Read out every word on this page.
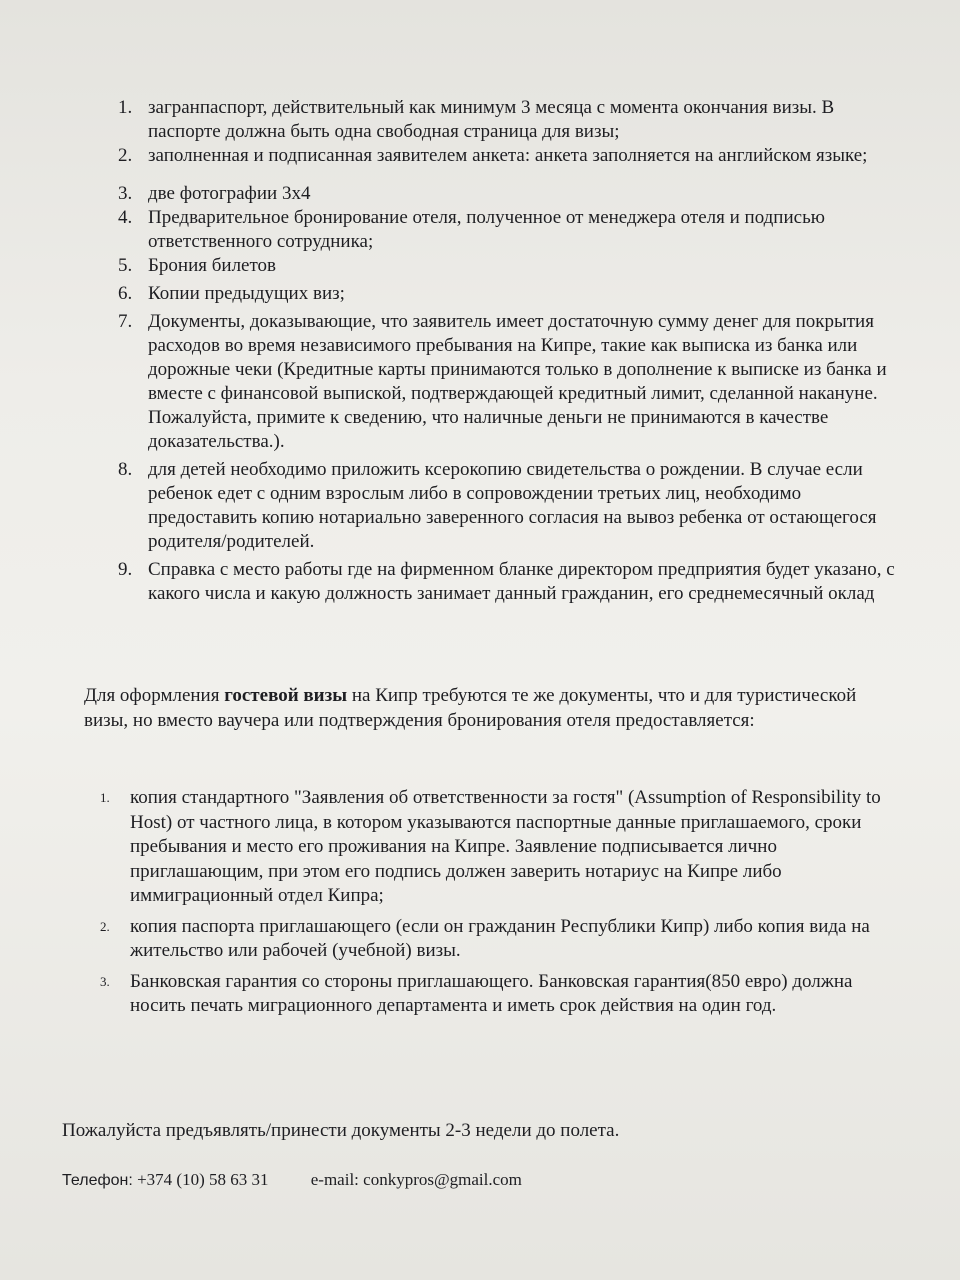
1. загранпаспорт, действительный как минимум 3 месяца с момента окончания визы. В паспорте должна быть одна свободная страница для визы;
2. заполненная и подписанная заявителем анкета: анкета заполняется на английском языке;
3. две фотографии 3х4
4. Предварительное бронирование отеля, полученное от менеджера отеля и подписью ответственного сотрудника;
5. Брония билетов
6. Копии предыдущих виз;
7. Документы, доказывающие, что заявитель имеет достаточную сумму денег для покрытия расходов во время независимого пребывания на Кипре, такие как выписка из банка или дорожные чеки (Кредитные карты принимаются только в дополнение к выписке из банка и вместе с финансовой выпиской, подтверждающей кредитный лимит, сделанной накануне. Пожалуйста, примите к сведению, что наличные деньги не принимаются в качестве доказательства.).
8. для детей необходимо приложить ксерокопию свидетельства о рождении. В случае если ребенок едет с одним взрослым либо в сопровождении третьих лиц, необходимо предоставить копию нотариально заверенного согласия на вывоз ребенка от остающегося родителя/родителей.
9. Справка с место работы где на фирменном бланке директором предприятия будет указано, с какого числа и какую должность занимает данный гражданин, его среднемесячный оклад

Для оформления гостевой визы на Кипр требуются те же документы, что и для туристической визы, но вместо ваучера или подтверждения бронирования отеля предоставляется:

1. копия стандартного "Заявления об ответственности за гостя" (Assumption of Responsibility to Host) от частного лица, в котором указываются паспортные данные приглашаемого, сроки пребывания и место его проживания на Кипре. Заявление подписывается лично приглашающим, при этом его подпись должен заверить нотариус на Кипре либо иммиграционный отдел Кипра;
2. копия паспорта приглашающего (если он гражданин Республики Кипр) либо копия вида на жительство или рабочей (учебной) визы.
3. Банковская гарантия со стороны приглашающего. Банковская гарантия(850 евро) должна носить печать миграционного департамента и иметь срок действия на один год.

Пожалуйста предъявлять/принести документы 2-3 недели до полета.

Телефон: +374 (10) 58 63 31 e-mail: conkypros@gmail.com
